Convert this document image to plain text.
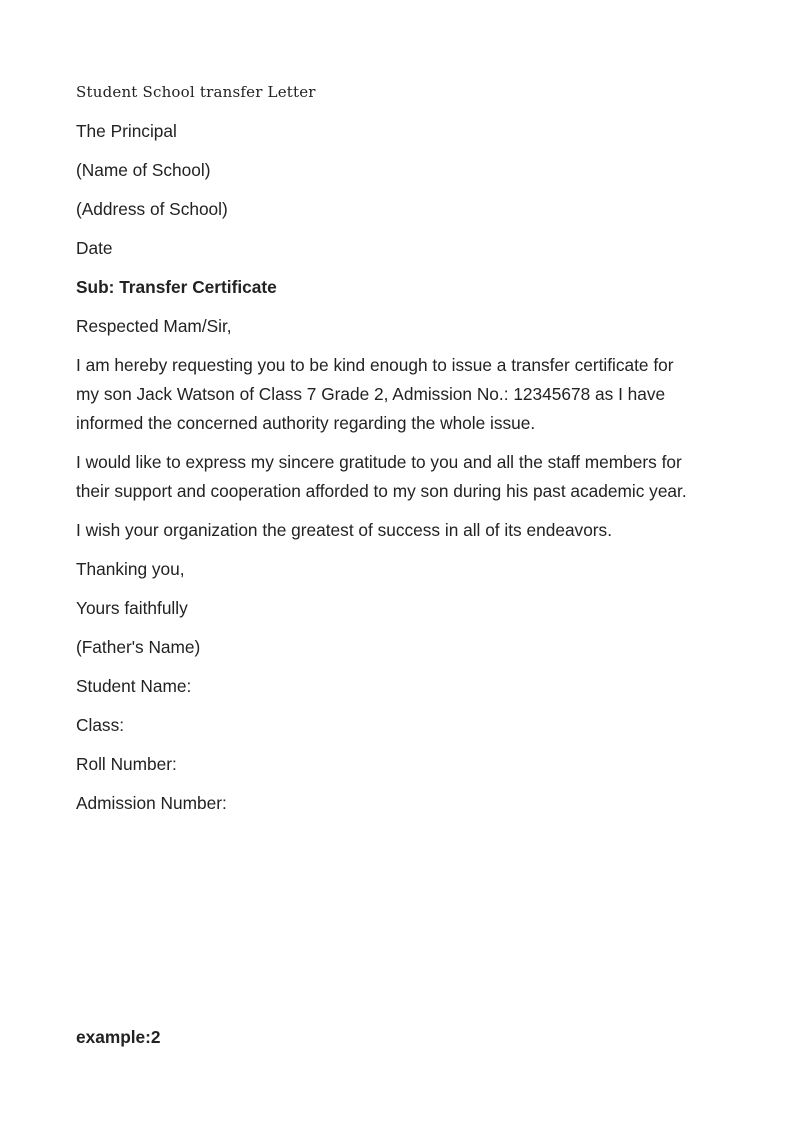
Student School transfer Letter
The Principal
(Name of School)
(Address of School)
Date
Sub: Transfer Certificate
Respected Mam/Sir,
I am hereby requesting you to be kind enough to issue a transfer certificate for
my son Jack Watson of Class 7 Grade 2, Admission No.: 12345678 as I have
informed the concerned authority regarding the whole issue.
I would like to express my sincere gratitude to you and all the staff members for
their support and cooperation afforded to my son during his past academic year.
I wish your organization the greatest of success in all of its endeavors.
Thanking you,
Yours faithfully
(Father's Name)
Student Name:
Class:
Roll Number:
Admission Number:
example:2
